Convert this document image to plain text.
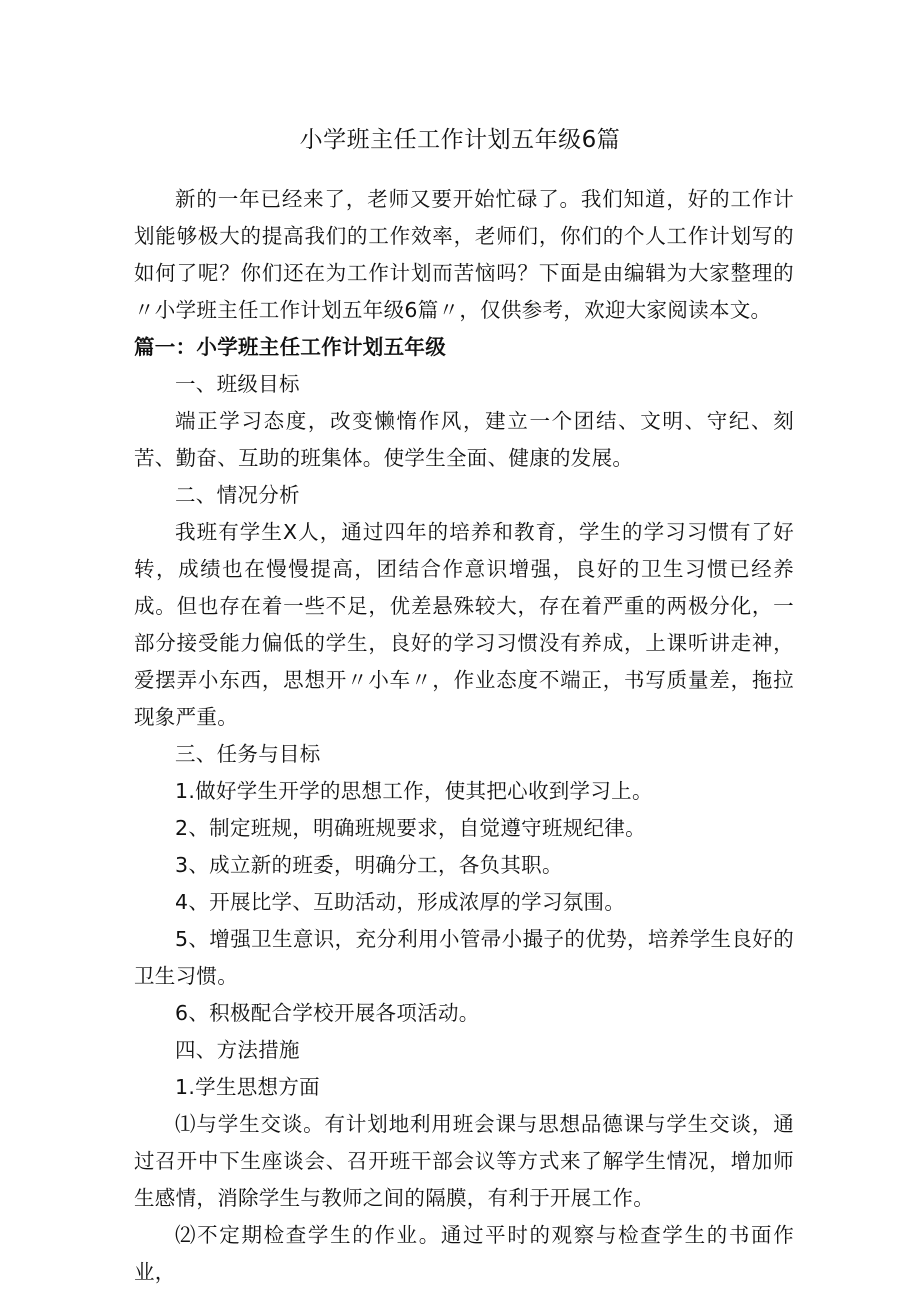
小学班主任工作计划五年级6篇

新的一年已经来了，老师又要开始忙碌了。我们知道，好的工作计划能够极大的提高我们的工作效率，老师们，你们的个人工作计划写的如何了呢？你们还在为工作计划而苦恼吗？下面是由编辑为大家整理的〃小学班主任工作计划五年级6篇〃，仅供参考，欢迎大家阅读本文。

篇一：小学班主任工作计划五年级

一、班级目标

端正学习态度，改变懒惰作风，建立一个团结、文明、守纪、刻苦、勤奋、互助的班集体。使学生全面、健康的发展。

二、情况分析

我班有学生X人，通过四年的培养和教育，学生的学习习惯有了好转，成绩也在慢慢提高，团结合作意识增强，良好的卫生习惯已经养成。但也存在着一些不足，优差悬殊较大，存在着严重的两极分化，一部分接受能力偏低的学生，良好的学习习惯没有养成，上课听讲走神，爱摆弄小东西，思想开〃小车〃，作业态度不端正，书写质量差，拖拉现象严重。

三、任务与目标

1.做好学生开学的思想工作，使其把心收到学习上。

2、制定班规，明确班规要求，自觉遵守班规纪律。

3、成立新的班委，明确分工，各负其职。

4、开展比学、互助活动，形成浓厚的学习氛围。

5、增强卫生意识，充分利用小管帚小撮子的优势，培养学生良好的卫生习惯。

6、积极配合学校开展各项活动。

四、方法措施

1.学生思想方面

⑴与学生交谈。有计划地利用班会课与思想品德课与学生交谈，通过召开中下生座谈会、召开班干部会议等方式来了解学生情况，增加师生感情，消除学生与教师之间的隔膜，有利于开展工作。

⑵不定期检查学生的作业。通过平时的观察与检查学生的书面作业，
